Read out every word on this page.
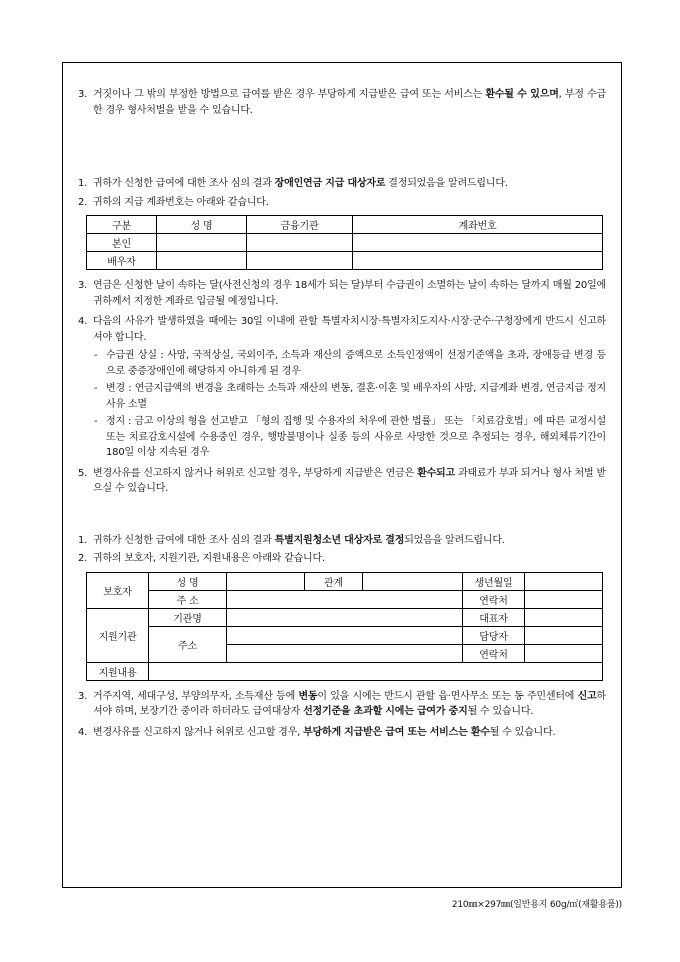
3. 거짓이나 그 밖의 부정한 방법으로 급여를 받은 경우 부당하게 지급받은 급여 또는 서비스는 환수될 수 있으며, 부정 수급한 경우 형사처벌을 받을 수 있습니다.
1. 귀하가 신청한 급여에 대한 조사 심의 결과 장애인연금 지급 대상자로 결정되었음을 알려드립니다.
2. 귀하의 지급 계좌번호는 아래와 같습니다.
구분	성 명	금융기관	계좌번호
본인			
배우자			
3. 연금은 신청한 날이 속하는 달(사전신청의 경우 18세가 되는 달)부터 수급권이 소멸하는 날이 속하는 달까지 매월 20일에 귀하께서 지정한 계좌로 입금될 예정입니다.
4. 다음의 사유가 발생하였을 때에는 30일 이내에 관할 특별자치시장·특별자치도지사·시장·군수·구청장에게 반드시 신고하셔야 합니다.
- 수급권 상실 : 사망, 국적상실, 국외이주, 소득과 재산의 증액으로 소득인정액이 선정기준액을 초과, 장애등급 변경 등으로 중증장애인에 해당하지 아니하게 된 경우
- 변경 : 연금지급액의 변경을 초래하는 소득과 재산의 변동, 결혼·이혼 및 배우자의 사망, 지급계좌 변경, 연금지급 정지사유 소멸
- 정지 : 금고 이상의 형을 선고받고 「형의 집행 및 수용자의 처우에 관한 법률」 또는 「치료감호법」에 따른 교정시설 또는 치료감호시설에 수용중인 경우, 행방불명이나 실종 등의 사유로 사망한 것으로 추정되는 경우, 해외체류기간이 180일 이상 지속된 경우
5. 변경사유를 신고하지 않거나 허위로 신고할 경우, 부당하게 지급받은 연금은 환수되고 과태료가 부과 되거나 형사 처벌 받으실 수 있습니다.
1. 귀하가 신청한 급여에 대한 조사 심의 결과 특별지원청소년 대상자로 결정되었음을 알려드립니다.
2. 귀하의 보호자, 지원기관, 지원내용은 아래와 같습니다.
보호자	성 명		관계		생년월일	
	주 소				연락처	
지원기관	기관명				대표자	
	주소				담당자	
					연락처	
지원내용						
3. 거주지역, 세대구성, 부양의무자, 소득재산 등에 변동이 있을 시에는 반드시 관할 읍·면사무소 또는 동 주민센터에 신고하셔야 하며, 보장기간 중이라 하더라도 급여대상자 선정기준을 초과할 시에는 급여가 중지될 수 있습니다.
4. 변경사유를 신고하지 않거나 허위로 신고할 경우, 부당하게 지급받은 급여 또는 서비스는 환수될 수 있습니다.
210㎜×297㎜(일반용지 60g/㎡(재활용품))
